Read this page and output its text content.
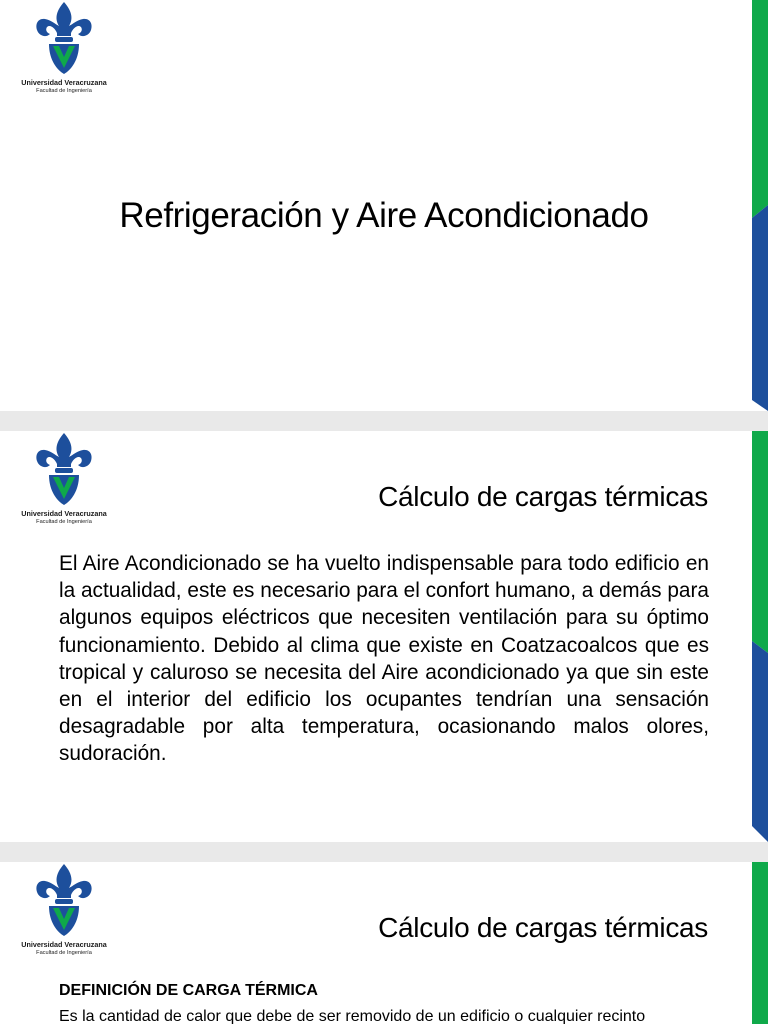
Universidad Veracruzana
Facultad de Ingeniería
Refrigeración y Aire Acondicionado
Universidad Veracruzana
Facultad de Ingeniería
Cálculo de cargas térmicas
El Aire Acondicionado se ha vuelto indispensable para todo edificio en la actualidad, este es necesario para el confort humano, a demás para algunos equipos eléctricos que necesiten ventilación para su óptimo funcionamiento. Debido al clima que existe en Coatzacoalcos que es tropical y caluroso se necesita del Aire acondicionado ya que sin este en el interior del edificio los ocupantes tendrían una sensación desagradable por alta temperatura, ocasionando malos olores, sudoración.
Universidad Veracruzana
Facultad de Ingeniería
Cálculo de cargas térmicas
DEFINICIÓN DE CARGA TÉRMICA
Es la cantidad de calor que debe de ser removido de un edificio o cualquier recinto
